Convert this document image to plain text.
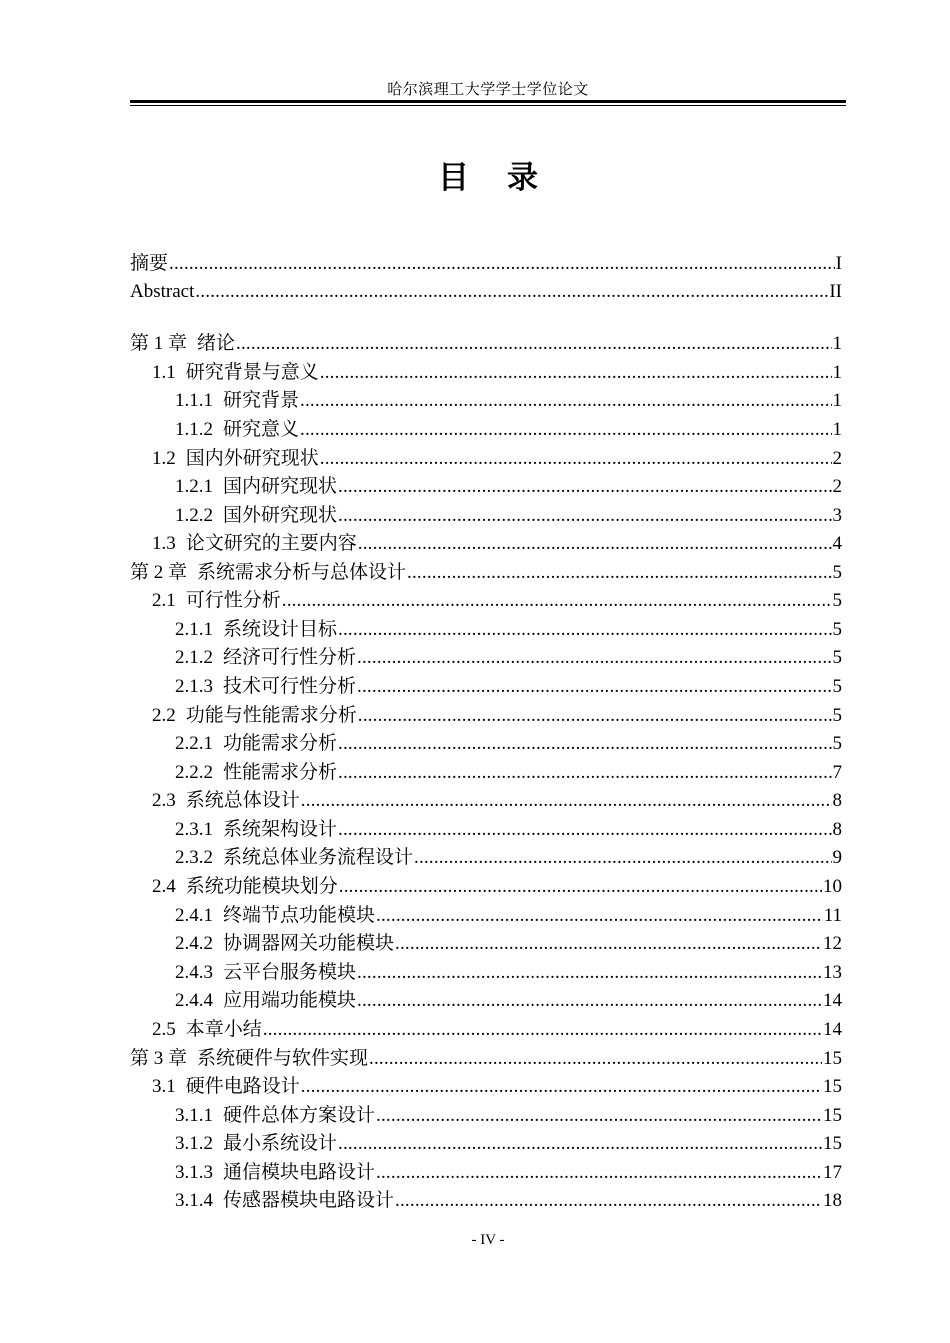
哈尔滨理工大学学士学位论文
目 录
摘要 .....	I
Abstract .....	II
第 1 章 绪论 .....	1
1.1 研究背景与意义 .....	1
1.1.1 研究背景 .....	1
1.1.2 研究意义 .....	1
1.2 国内外研究现状 .....	2
1.2.1 国内研究现状 .....	2
1.2.2 国外研究现状 .....	3
1.3 论文研究的主要内容 .....	4
第 2 章 系统需求分析与总体设计 .....	5
2.1 可行性分析 .....	5
2.1.1 系统设计目标 .....	5
2.1.2 经济可行性分析 .....	5
2.1.3 技术可行性分析 .....	5
2.2 功能与性能需求分析 .....	5
2.2.1 功能需求分析 .....	5
2.2.2 性能需求分析 .....	7
2.3 系统总体设计 .....	8
2.3.1 系统架构设计 .....	8
2.3.2 系统总体业务流程设计 .....	9
2.4 系统功能模块划分 .....	10
2.4.1 终端节点功能模块 .....	11
2.4.2 协调器网关功能模块 .....	12
2.4.3 云平台服务模块 .....	13
2.4.4 应用端功能模块 .....	14
2.5 本章小结 .....	14
第 3 章 系统硬件与软件实现 .....	15
3.1 硬件电路设计 .....	15
3.1.1 硬件总体方案设计 .....	15
3.1.2 最小系统设计 .....	15
3.1.3 通信模块电路设计 .....	17
3.1.4 传感器模块电路设计 .....	18
- IV -
